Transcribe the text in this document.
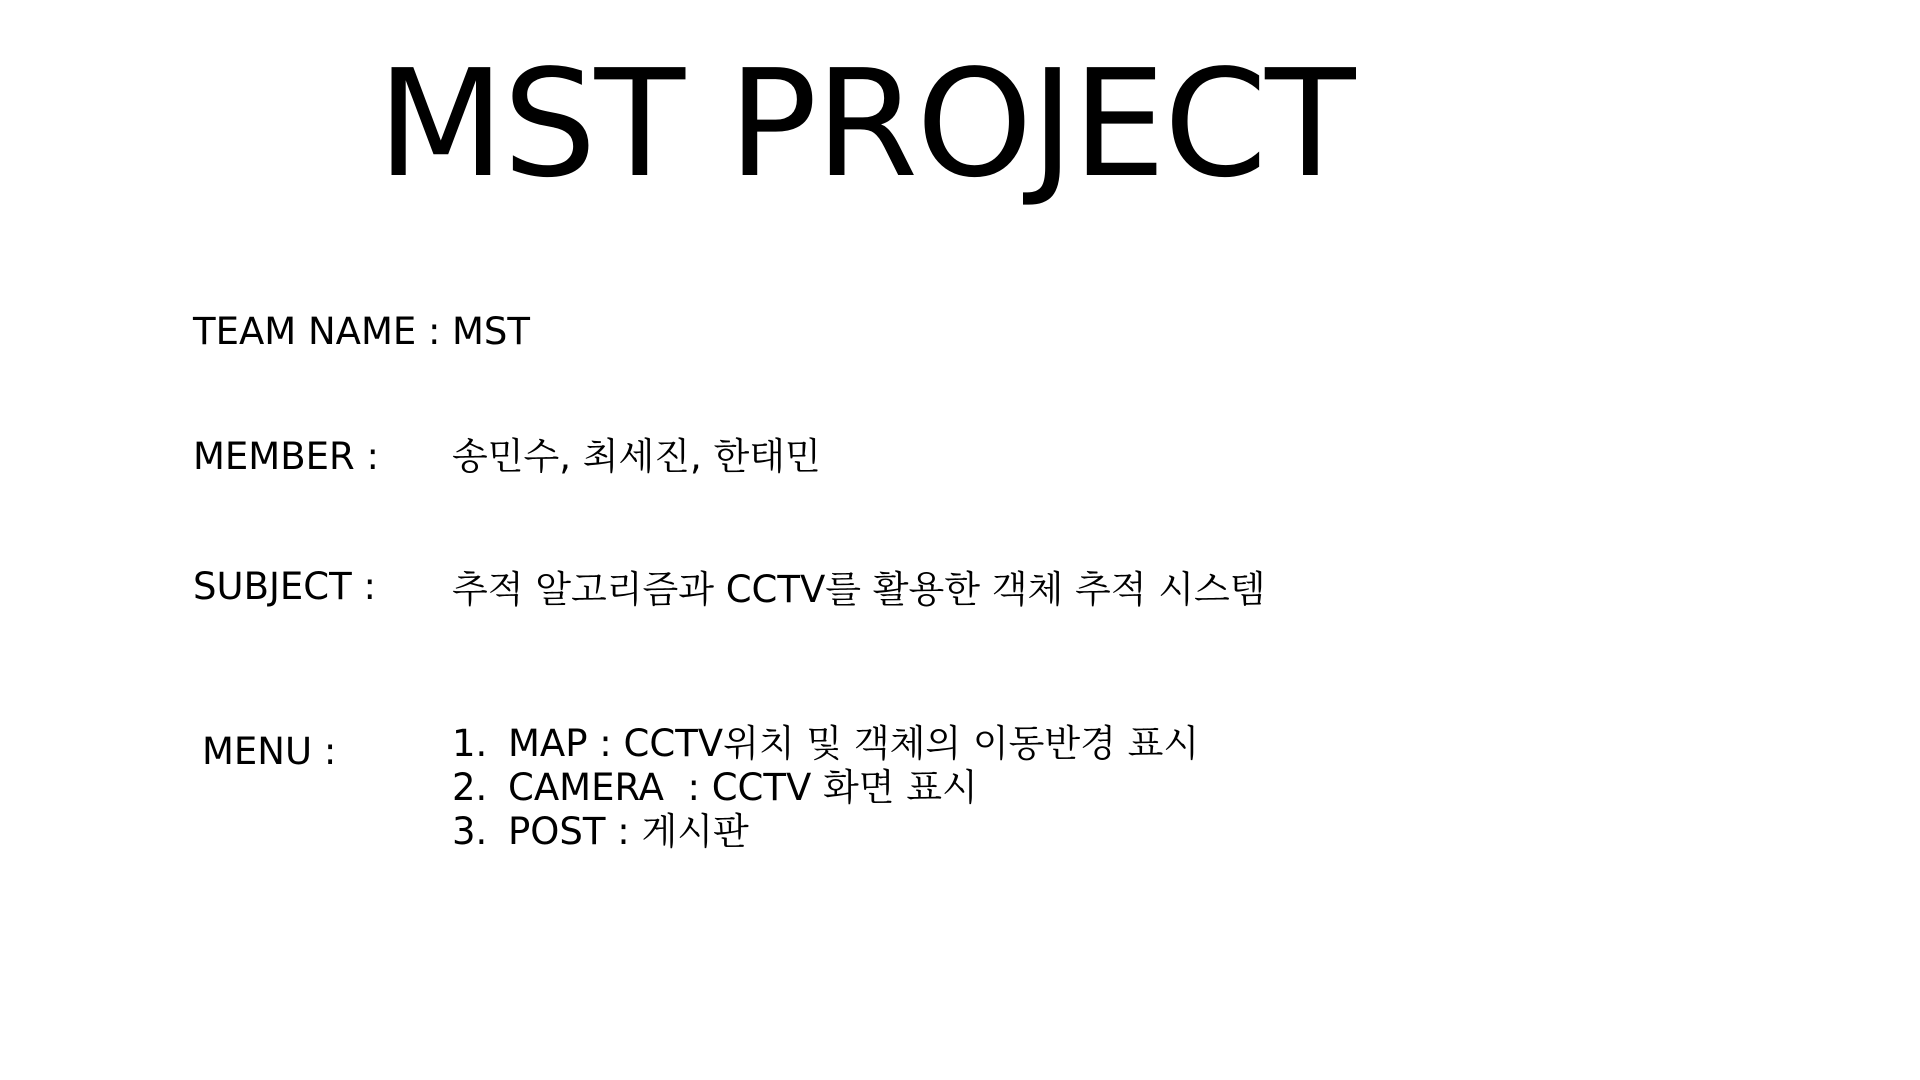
MST PROJECT
TEAM NAME : MST
MEMBER : 송민수, 최세진, 한태민
SUBJECT : 추적 알고리즘과 CCTV를 활용한 객체 추적 시스템
MENU :	1. MAP : CCTV위치 및 객체의 이동반경 표시
2. CAMERA  : CCTV 화면 표시
3. POST : 게시판
